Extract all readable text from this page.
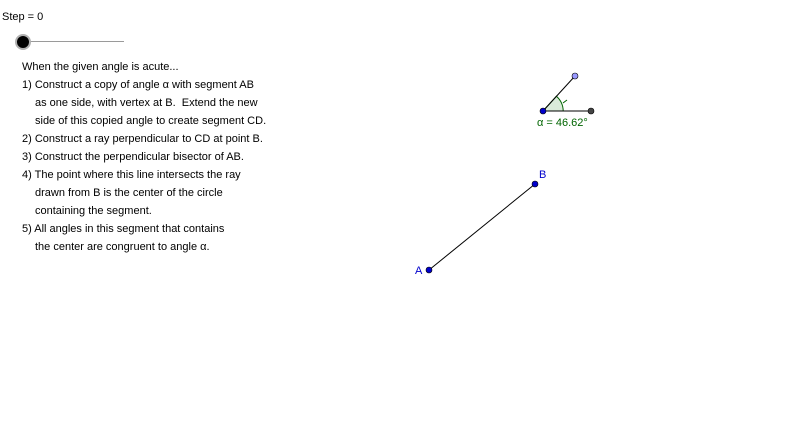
Step = 0
When the given angle is acute...
1) Construct a copy of angle α with segment AB
as one side, with vertex at B.  Extend the new
side of this copied angle to create segment CD.
2) Construct a ray perpendicular to CD at point B.
3) Construct the perpendicular bisector of AB.
4) The point where this line intersects the ray
drawn from B is the center of the circle
containing the segment.
5) All angles in this segment that contains
the center are congruent to angle α.
α = 46.62°
A
B
